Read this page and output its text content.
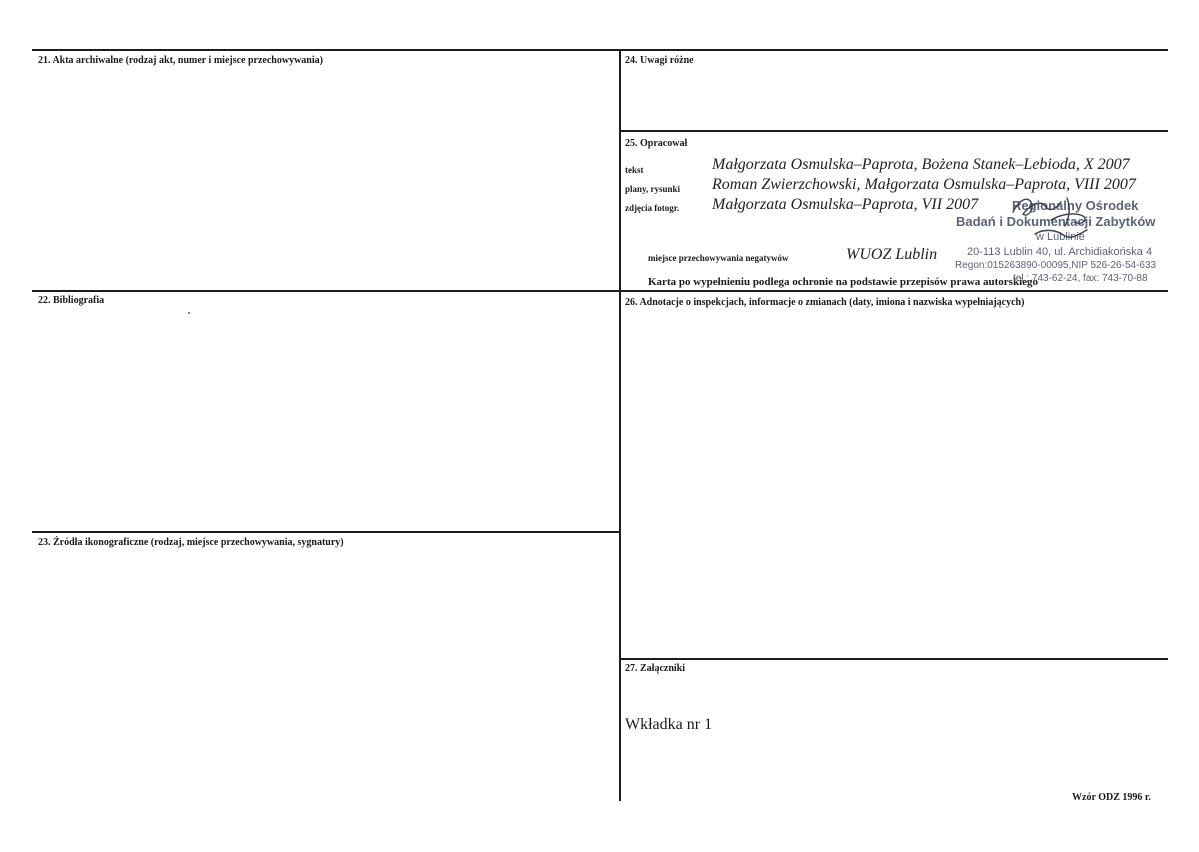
21. Akta archiwalne (rodzaj akt, numer i miejsce przechowywania)
22. Bibliografia
23. Źródła ikonograficzne (rodzaj, miejsce przechowywania, sygnatury)
24. Uwagi różne
25. Opracował
26. Adnotacje o inspekcjach, informacje o zmianach (daty, imiona i nazwiska wypełniających)
27. Załączniki
tekst	Małgorzata Osmulska–Paprota, Bożena Stanek–Lebioda, X 2007
plany, rysunki Roman Zwierzchowski, Małgorzata Osmulska–Paprota, VIII 2007
zdjęcia fotogr. Małgorzata Osmulska–Paprota, VII 2007
miejsce przechowywania negatywów	WUOZ Lublin
Karta po wypełnieniu podlega ochronie na podstawie przepisów prawa autorskiego
Regionalny Ośrodek
Badań i Dokumentacji Zabytków
w Lublinie
20-113 Lublin 40, ul. Archidiakońska 4
Regon:015263890-00095,NIP 526-26-54-633
tel.: 743-62-24, fax: 743-70-88
Wkładka nr 1
Wzór ODZ 1996 r.
